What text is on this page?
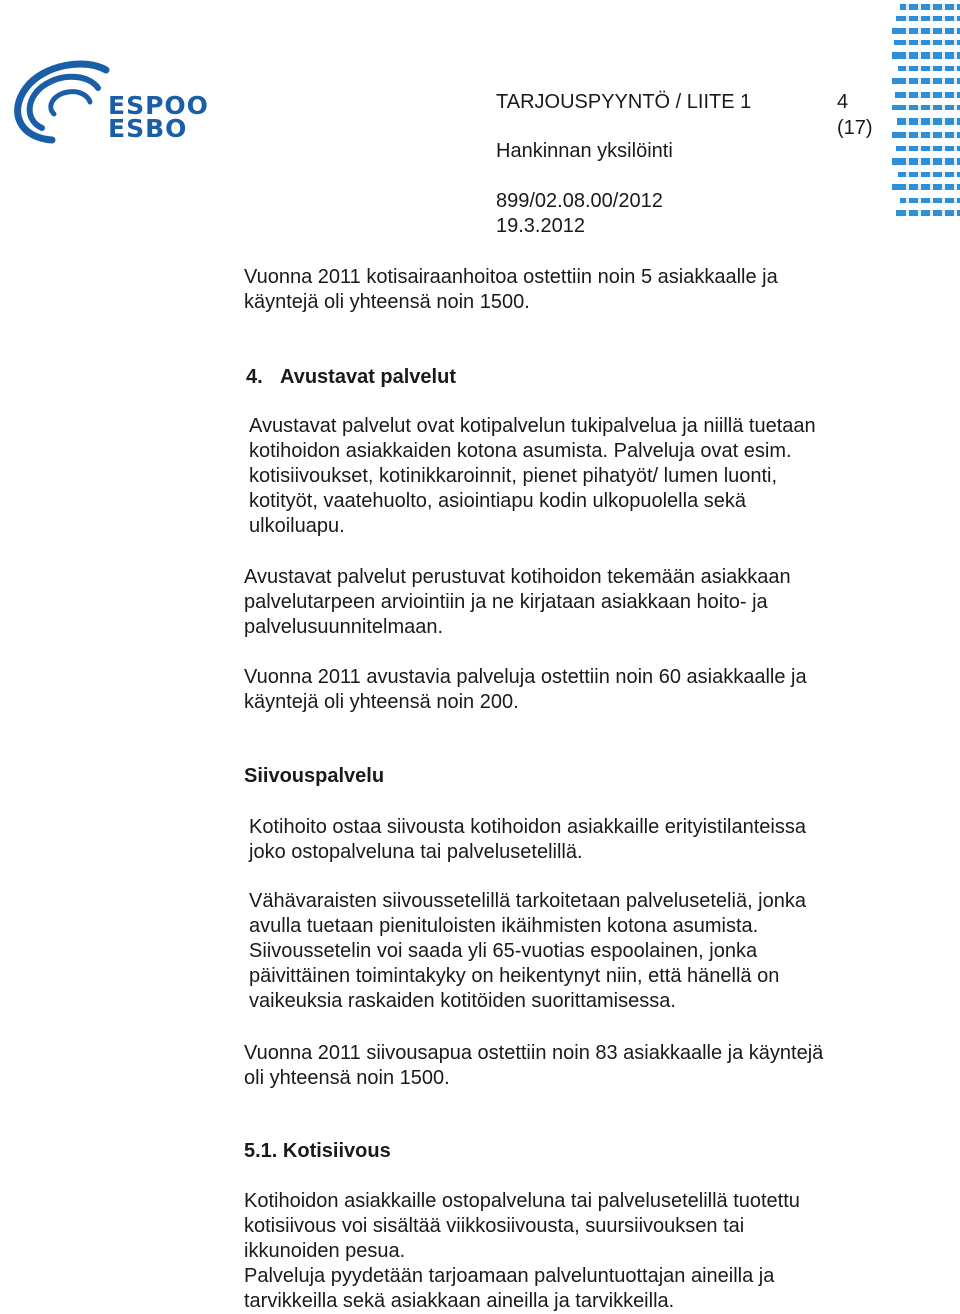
ESPOO
ESBO
TARJOUSPYYNTÖ / LIITE 1	4
(17)
Hankinnan yksilöinti
899/02.08.00/2012
19.3.2012
Vuonna 2011 kotisairaanhoitoa ostettiin noin 5 asiakkaalle ja
käyntejä oli yhteensä noin 1500.
4. Avustavat palvelut
Avustavat palvelut ovat kotipalvelun tukipalvelua ja niillä tuetaan
kotihoidon asiakkaiden kotona asumista. Palveluja ovat esim.
kotisiivoukset, kotinikkaroinnit, pienet pihatyöt/ lumen luonti,
kotityöt, vaatehuolto, asiointiapu kodin ulkopuolella sekä
ulkoiluapu.
Avustavat palvelut perustuvat kotihoidon tekemään asiakkaan
palvelutarpeen arviointiin ja ne kirjataan asiakkaan hoito- ja
palvelusuunnitelmaan.
Vuonna 2011 avustavia palveluja ostettiin noin 60 asiakkaalle ja
käyntejä oli yhteensä noin 200.
Siivouspalvelu
Kotihoito ostaa siivousta kotihoidon asiakkaille erityistilanteissa
joko ostopalveluna tai palvelusetelillä.
Vähävaraisten siivoussetelillä tarkoitetaan palveluseteliä, jonka
avulla tuetaan pienituloisten ikäihmisten kotona asumista.
Siivoussetelin voi saada yli 65-vuotias espoolainen, jonka
päivittäinen toimintakyky on heikentynyt niin, että hänellä on
vaikeuksia raskaiden kotitöiden suorittamisessa.
Vuonna 2011 siivousapua ostettiin noin 83 asiakkaalle ja käyntejä
oli yhteensä noin 1500.
5.1. Kotisiivous
Kotihoidon asiakkaille ostopalveluna tai palvelusetelillä tuotettu
kotisiivous voi sisältää viikkosiivousta, suursiivouksen tai
ikkunoiden pesua.
Palveluja pyydetään tarjoamaan palveluntuottajan aineilla ja
tarvikkeilla sekä asiakkaan aineilla ja tarvikkeilla.
